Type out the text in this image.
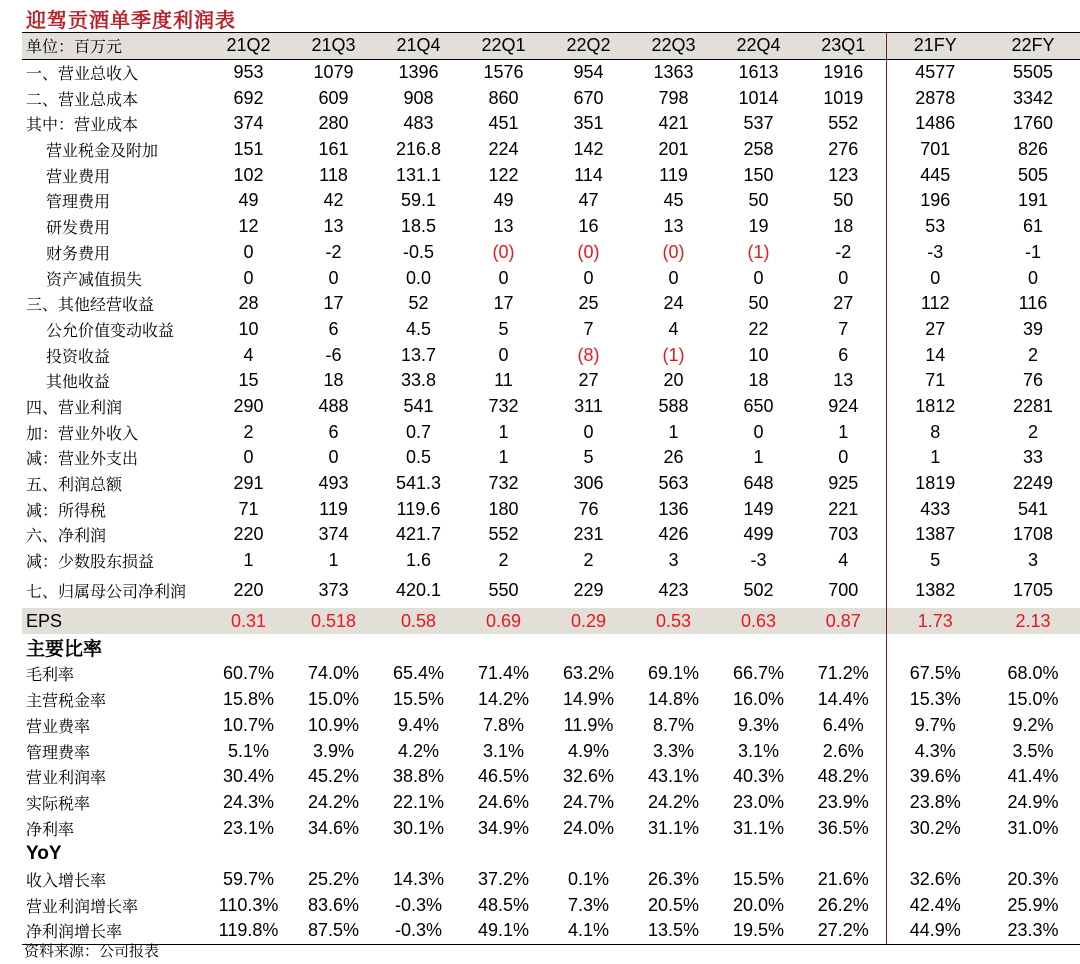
迎驾贡酒单季度利润表
单位：百万元	21Q2	21Q3	21Q4	22Q1	22Q2	22Q3	22Q4	23Q1	21FY	22FY
一、营业总收入	953	1079	1396	1576	954	1363	1613	1916	4577	5505
二、营业总成本	692	609	908	860	670	798	1014	1019	2878	3342
其中：营业成本	374	280	483	451	351	421	537	552	1486	1760
营业税金及附加	151	161	216.8	224	142	201	258	276	701	826
营业费用	102	118	131.1	122	114	119	150	123	445	505
管理费用	49	42	59.1	49	47	45	50	50	196	191
研发费用	12	13	18.5	13	16	13	19	18	53	61
财务费用	0	-2	-0.5	(0)	(0)	(0)	(1)	-2	-3	-1
资产减值损失	0	0	0.0	0	0	0	0	0	0	0
三、其他经营收益	28	17	52	17	25	24	50	27	112	116
公允价值变动收益	10	6	4.5	5	7	4	22	7	27	39
投资收益	4	-6	13.7	0	(8)	(1)	10	6	14	2
其他收益	15	18	33.8	11	27	20	18	13	71	76
四、营业利润	290	488	541	732	311	588	650	924	1812	2281
加：营业外收入	2	6	0.7	1	0	1	0	1	8	2
减：营业外支出	0	0	0.5	1	5	26	1	0	1	33
五、利润总额	291	493	541.3	732	306	563	648	925	1819	2249
减：所得税	71	119	119.6	180	76	136	149	221	433	541
六、净利润	220	374	421.7	552	231	426	499	703	1387	1708
减：少数股东损益	1	1	1.6	2	2	3	-3	4	5	3
七、归属母公司净利润	220	373	420.1	550	229	423	502	700	1382	1705
EPS	0.31	0.518	0.58	0.69	0.29	0.53	0.63	0.87	1.73	2.13
主要比率										
毛利率	60.7%	74.0%	65.4%	71.4%	63.2%	69.1%	66.7%	71.2%	67.5%	68.0%
主营税金率	15.8%	15.0%	15.5%	14.2%	14.9%	14.8%	16.0%	14.4%	15.3%	15.0%
营业费率	10.7%	10.9%	9.4%	7.8%	11.9%	8.7%	9.3%	6.4%	9.7%	9.2%
管理费率	5.1%	3.9%	4.2%	3.1%	4.9%	3.3%	3.1%	2.6%	4.3%	3.5%
营业利润率	30.4%	45.2%	38.8%	46.5%	32.6%	43.1%	40.3%	48.2%	39.6%	41.4%
实际税率	24.3%	24.2%	22.1%	24.6%	24.7%	24.2%	23.0%	23.9%	23.8%	24.9%
净利率	23.1%	34.6%	30.1%	34.9%	24.0%	31.1%	31.1%	36.5%	30.2%	31.0%
YoY										
收入增长率	59.7%	25.2%	14.3%	37.2%	0.1%	26.3%	15.5%	21.6%	32.6%	20.3%
营业利润增长率	110.3%	83.6%	-0.3%	48.5%	7.3%	20.5%	20.0%	26.2%	42.4%	25.9%
净利润增长率	119.8%	87.5%	-0.3%	49.1%	4.1%	13.5%	19.5%	27.2%	44.9%	23.3%
资料来源：公司报表
